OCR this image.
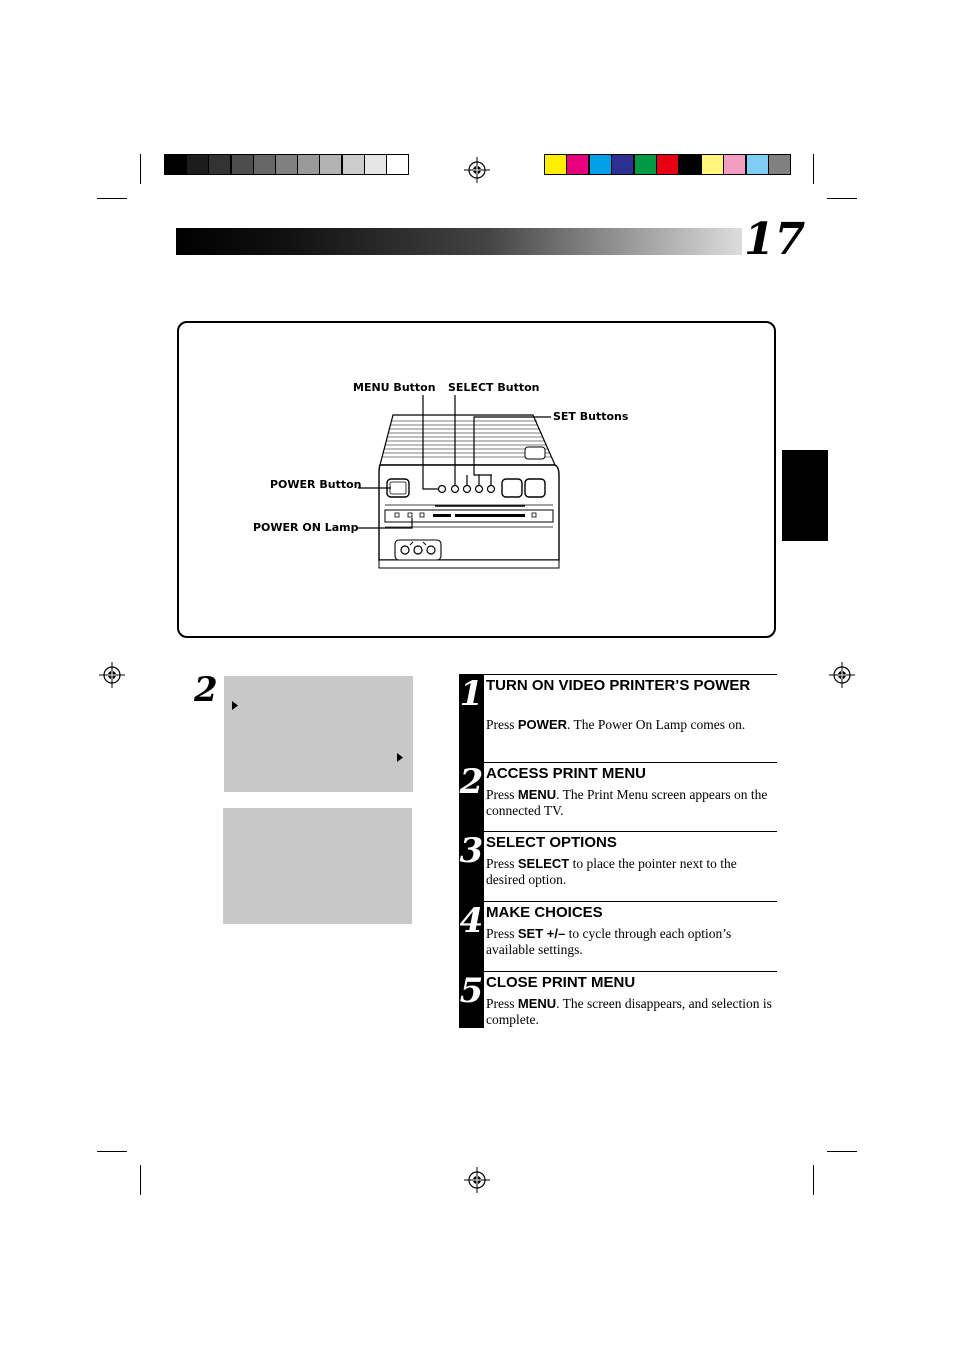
17
MENU Button SELECT Button
SET Buttons
POWER Button
POWER ON Lamp
2	1 TURN ON VIDEO PRINTER’S POWER
Press POWER. The Power On Lamp comes on.
2 ACCESS PRINT MENU
Press MENU. The Print Menu screen appears on the connected TV.
3 SELECT OPTIONS
Press SELECT to place the pointer next to the desired option.
4 MAKE CHOICES
Press SET +/– to cycle through each option’s available settings.
5 CLOSE PRINT MENU
Press MENU. The screen disappears, and selection is complete.
